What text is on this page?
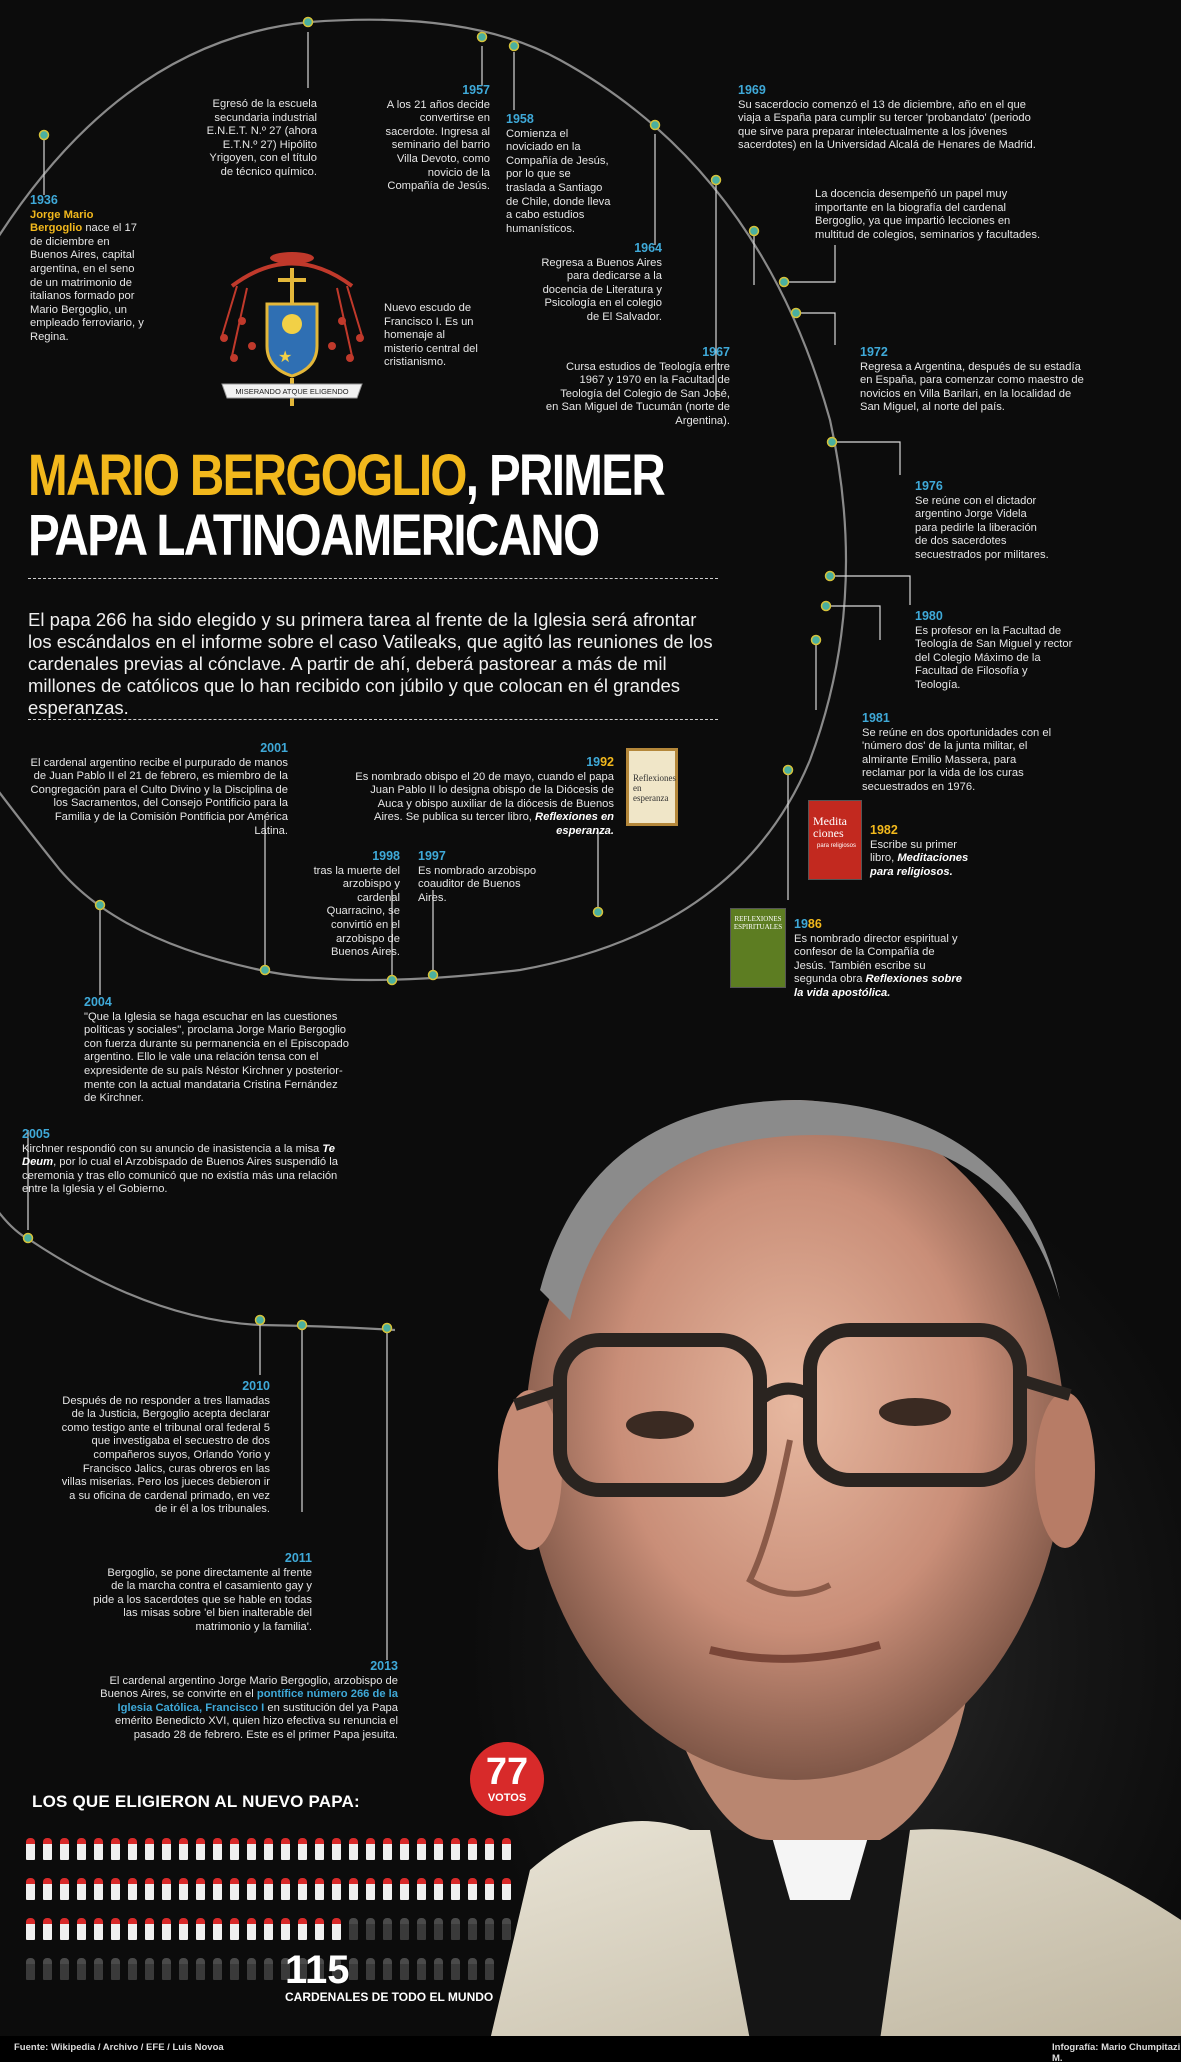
★
MISERANDO ATQUE ELIGENDO
Nuevo escudo de Francisco I. Es un homenaje al misterio central del cristianismo.
1936
Jorge Mario Bergoglio nace el 17 de diciembre en Buenos Aires, capital argentina, en el seno de un matrimonio de italianos formado por Mario Bergoglio, un empleado ferroviario, y Regina.
Egresó de la escuela secundaria industrial E.N.E.T. N.º 27 (ahora E.T.N.º 27) Hipólito Yrigoyen, con el título de técnico químico.
1957
A los 21 años decide convertirse en sacerdote. Ingresa al seminario del barrio Villa Devoto, como novicio de la Compañía de Jesús.
1958
Comienza el noviciado en la Compañía de Jesús, por lo que se traslada a Santiago de Chile, donde lleva a cabo estudios humanísticos.
1964
Regresa a Buenos Aires para dedicarse a la docencia de Literatura y Psicología en el colegio de El Salvador.
1967
Cursa estudios de Teología entre 1967 y 1970 en la Facultad de Teología del Colegio de San José, en San Miguel de Tucumán (norte de Argentina).
1969
Su sacerdocio comenzó el 13 de diciembre, año en el que viaja a España para cumplir su tercer 'probandato' (periodo que sirve para preparar intelectualmente a los jóvenes sacerdotes) en la Universidad Alcalá de Henares de Madrid.
La docencia desempeñó un papel muy importante en la biografía del cardenal Bergoglio, ya que impartió lecciones en multitud de colegios, seminarios y facultades.
1972
Regresa a Argentina, después de su estadía en España, para comenzar como maestro de novicios en Villa Barilari, en la localidad de San Miguel, al norte del país.
1976
Se reúne con el dictador argentino Jorge Videla para pedirle la liberación de dos sacerdotes secuestrados por militares.
1980
Es profesor en la Facultad de Teología de San Miguel y rector del Colegio Máximo de la Facultad de Filosofía y Teología.
1981
Se reúne en dos oportunidades con el 'número dos' de la junta militar, el almirante Emilio Massera, para reclamar por la vida de los curas secuestrados en 1976.
MARIO BERGOGLIO, PRIMER
PAPA LATINOAMERICANO
El papa 266 ha sido elegido y su primera tarea al frente de la Iglesia será afrontar los escándalos en el informe sobre el caso Vatileaks, que agitó las reuniones de los cardenales previas al cónclave. A partir de ahí, deberá pastorear a más de mil millones de católicos que lo han recibido con júbilo y que colocan en él grandes esperanzas.
2001
El cardenal argentino recibe el purpurado de manos de Juan Pablo II el 21 de febrero, es miembro de la Congregación para el Culto Divino y la Disciplina de los Sacramentos, del Consejo Pontificio para la Familia y de la Comisión Pontificia por América Latina.
1992
Es nombrado obispo el 20 de mayo, cuando el papa Juan Pablo II lo designa obispo de la Diócesis de Auca y obispo auxiliar de la diócesis de Buenos Aires. Se publica su tercer libro, Reflexiones en esperanza.
Reflexiones
en
esperanza
1998
tras la muerte del arzobispo y cardenal Quarracino, se convirtió en el arzobispo de Buenos Aires.
1997
Es nombrado arzobispo coauditor de Buenos Aires.
Medita
ciones
para religiosos
1982
Escribe su primer libro, Meditaciones para religiosos.
REFLEXIONES
ESPIRITUALES 1986
Es nombrado director espiritual y confesor de la Compañía de Jesús. También escribe su segunda obra Reflexiones sobre la vida apostólica.
2004
"Que la Iglesia se haga escuchar en las cuestiones políticas y sociales", proclama Jorge Mario Bergoglio con fuerza durante su permanencia en el Episcopado argentino. Ello le vale una relación tensa con el expresidente de su país Néstor Kirchner y posterior-mente con la actual mandataria Cristina Fernández de Kirchner.
2005
Kirchner respondió con su anuncio de inasistencia a la misa Te Deum, por lo cual el Arzobispado de Buenos Aires suspendió la ceremonia y tras ello comunicó que no existía más una relación entre la Iglesia y el Gobierno.
2010
Después de no responder a tres llamadas de la Justicia, Bergoglio acepta declarar como testigo ante el tribunal oral federal 5 que investigaba el secuestro de dos compañeros suyos, Orlando Yorio y Francisco Jalics, curas obreros en las villas miserias. Pero los jueces debieron ir a su oficina de cardenal primado, en vez de ir él a los tribunales.
2011
Bergoglio, se pone directamente al frente de la marcha contra el casamiento gay y pide a los sacerdotes que se hable en todas las misas sobre 'el bien inalterable del matrimonio y la familia'.
2013
El cardenal argentino Jorge Mario Bergoglio, arzobispo de Buenos Aires, se convirte en el pontífice número 266 de la Iglesia Católica, Francisco I en sustitución del ya Papa emérito Benedicto XVI, quien hizo efectiva su renuncia el pasado 28 de febrero. Este es el primer Papa jesuita.
LOS QUE ELIGIERON AL NUEVO PAPA:
77
VOTOS
115
CARDENALES DE TODO EL MUNDO
Fuente: Wikipedia / Archivo / EFE / Luis Novoa	Infografía: Mario Chumpitazi M.
